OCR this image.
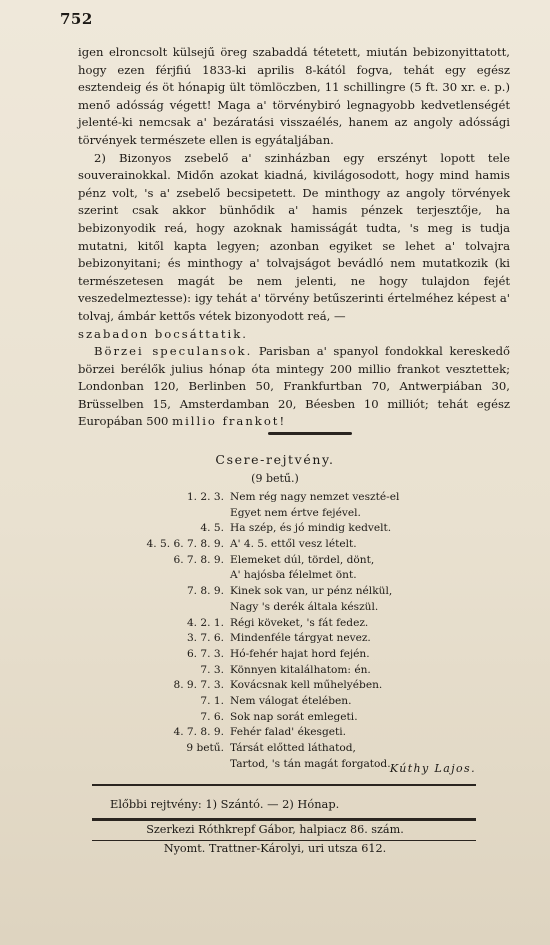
752

igen elroncsolt külsejű öreg szabaddá tétetett, miután bebizonyittatott, hogy ezen férjfiú 1833-ki aprilis 8-kától fogva, tehát egy egész esztendeig és öt hónapig ült tömlöczben, 11 schillingre (5 ft. 30 xr. e. p.) menő adósság végett! Maga a' törvénybiró legnagyobb kedvetlenségét jelenté-ki nemcsak a' bezáratási visszaélés, hanem az angoly adóssági törvények természete ellen is egyátaljában.

2) Bizonyos zsebelő a' szinházban egy erszényt lopott tele souverainokkal. Midőn azokat kiadná, kivilágosodott, hogy mind hamis pénz volt, 's a' zsebelő becsipetett. De minthogy az angoly törvények szerint csak akkor bünhődik a' hamis pénzek terjesztője, ha bebizonyodik reá, hogy azoknak hamisságát tudta, 's meg is tudja mutatni, kitől kapta legyen; azonban egyiket se lehet a' tolvajra bebizonyitani; és minthogy a' tolvajságot bevádló nem mutatkozik (ki természetesen magát be nem jelenti, ne hogy tulajdon fejét veszedelmeztesse): igy tehát a' törvény betűszerinti értelméhez képest a' tolvaj, ámbár kettős vétek bizonyodott reá, —

szabadon bocsáttatik.

Börzei speculansok. Parisban a' spanyol fondokkal kereskedő börzei berélők julius hónap óta mintegy 200 millio frankot vesztettek; Londonban 120, Berlinben 50, Frankfurtban 70, Antwerpiában 30, Brüsselben 15, Amsterdamban 20, Béesben 10 milliót; tehát egész Europában 500 millio frankot!

Csere-rejtvény.
(9 betű.)
1. 2. 3. Nem rég nagy nemzet veszté-el
Egyet nem értve fejével.
4. 5. Ha szép, és jó mindig kedvelt.
4. 5. 6. 7. 8. 9. A' 4. 5. ettől vesz lételt.
6. 7. 8. 9. Elemeket dúl, tördel, dönt,
A' hajósba félelmet önt.
7. 8. 9. Kinek sok van, ur pénz nélkül,
Nagy 's derék általa készül.
4. 2. 1. Régi köveket, 's fát fedez.
3. 7. 6. Mindenféle tárgyat nevez.
6. 7. 3. Hó-fehér hajat hord fején.
7. 3. Könnyen kitalálhatom: én.
8. 9. 7. 3. Kovácsnak kell műhelyében.
7. 1. Nem válogat ételében.
7. 6. Sok nap sorát emlegeti.
4. 7. 8. 9. Fehér falad' ékesgeti.
9 betű. Társát előtted láthatod,
Tartod, 's tán magát forgatod. Kúthy Lajos.
Előbbi rejtvény: 1) Szántó. — 2) Hónap.
Szerkezi Róthkrepf Gábor, halpiacz 86. szám.
Nyomt. Trattner-Károlyi, uri utsza 612.
